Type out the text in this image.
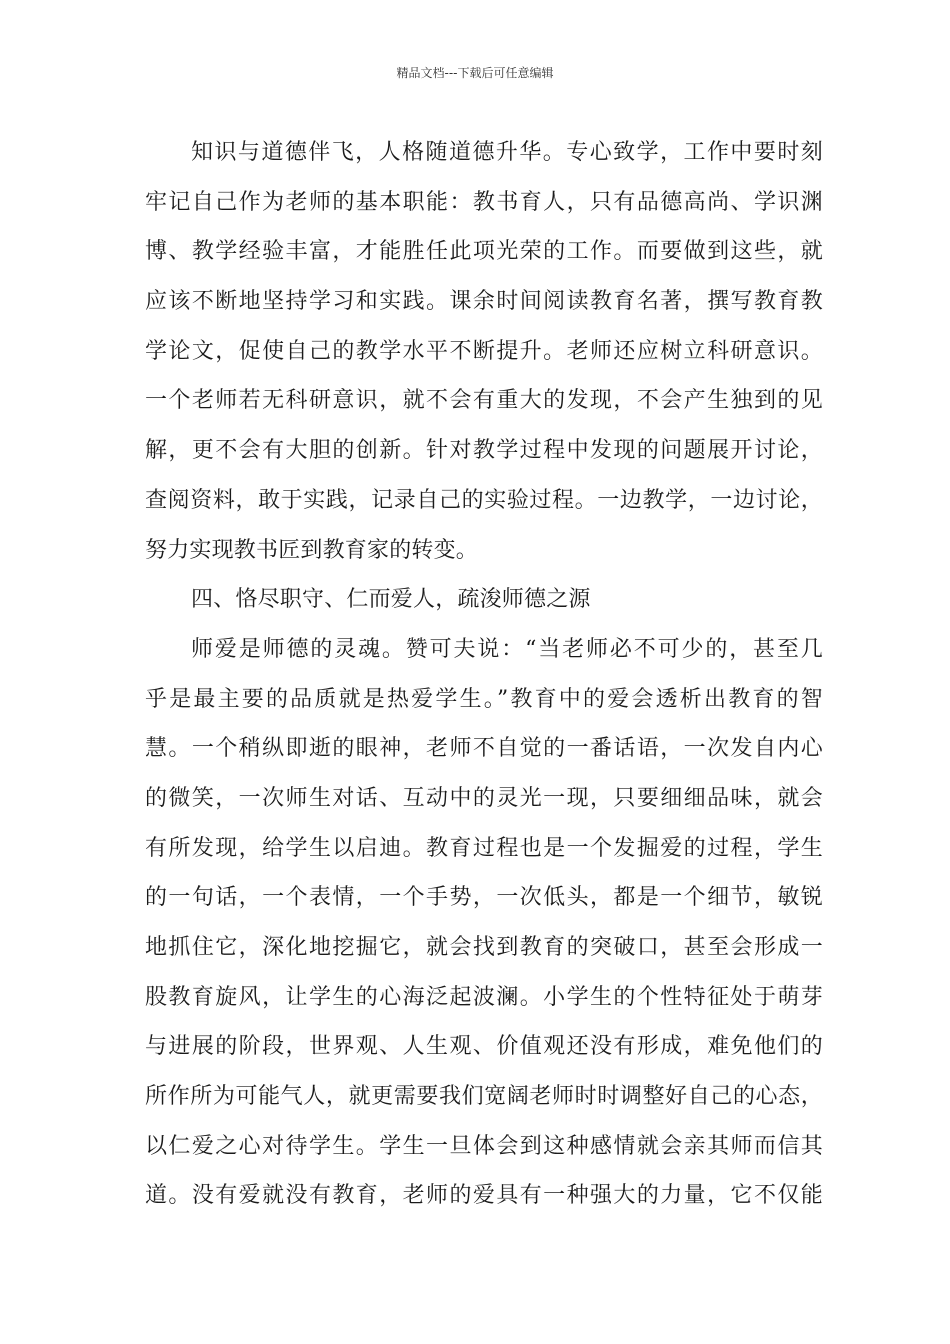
精品文档---下载后可任意编辑
知识与道德伴飞，人格随道德升华。专心致学，工作中要时刻
牢记自己作为老师的基本职能：教书育人，只有品德高尚、学识渊
博、教学经验丰富，才能胜任此项光荣的工作。而要做到这些，就
应该不断地坚持学习和实践。课余时间阅读教育名著，撰写教育教
学论文，促使自己的教学水平不断提升。老师还应树立科研意识。
一个老师若无科研意识，就不会有重大的发现，不会产生独到的见
解，更不会有大胆的创新。针对教学过程中发现的问题展开讨论，
查阅资料，敢于实践，记录自己的实验过程。一边教学，一边讨论，
努力实现教书匠到教育家的转变。
四、恪尽职守、仁而爱人，疏浚师德之源
师爱是师德的灵魂。赞可夫说：“当老师必不可少的，甚至几
乎是最主要的品质就是热爱学生。”教育中的爱会透析出教育的智
慧。一个稍纵即逝的眼神，老师不自觉的一番话语，一次发自内心
的微笑，一次师生对话、互动中的灵光一现，只要细细品味，就会
有所发现，给学生以启迪。教育过程也是一个发掘爱的过程，学生
的一句话，一个表情，一个手势，一次低头，都是一个细节，敏锐
地抓住它，深化地挖掘它，就会找到教育的突破口，甚至会形成一
股教育旋风，让学生的心海泛起波澜。小学生的个性特征处于萌芽
与进展的阶段，世界观、人生观、价值观还没有形成，难免他们的
所作所为可能气人，就更需要我们宽阔老师时时调整好自己的心态，
以仁爱之心对待学生。学生一旦体会到这种感情就会亲其师而信其
道。没有爱就没有教育，老师的爱具有一种强大的力量，它不仅能
